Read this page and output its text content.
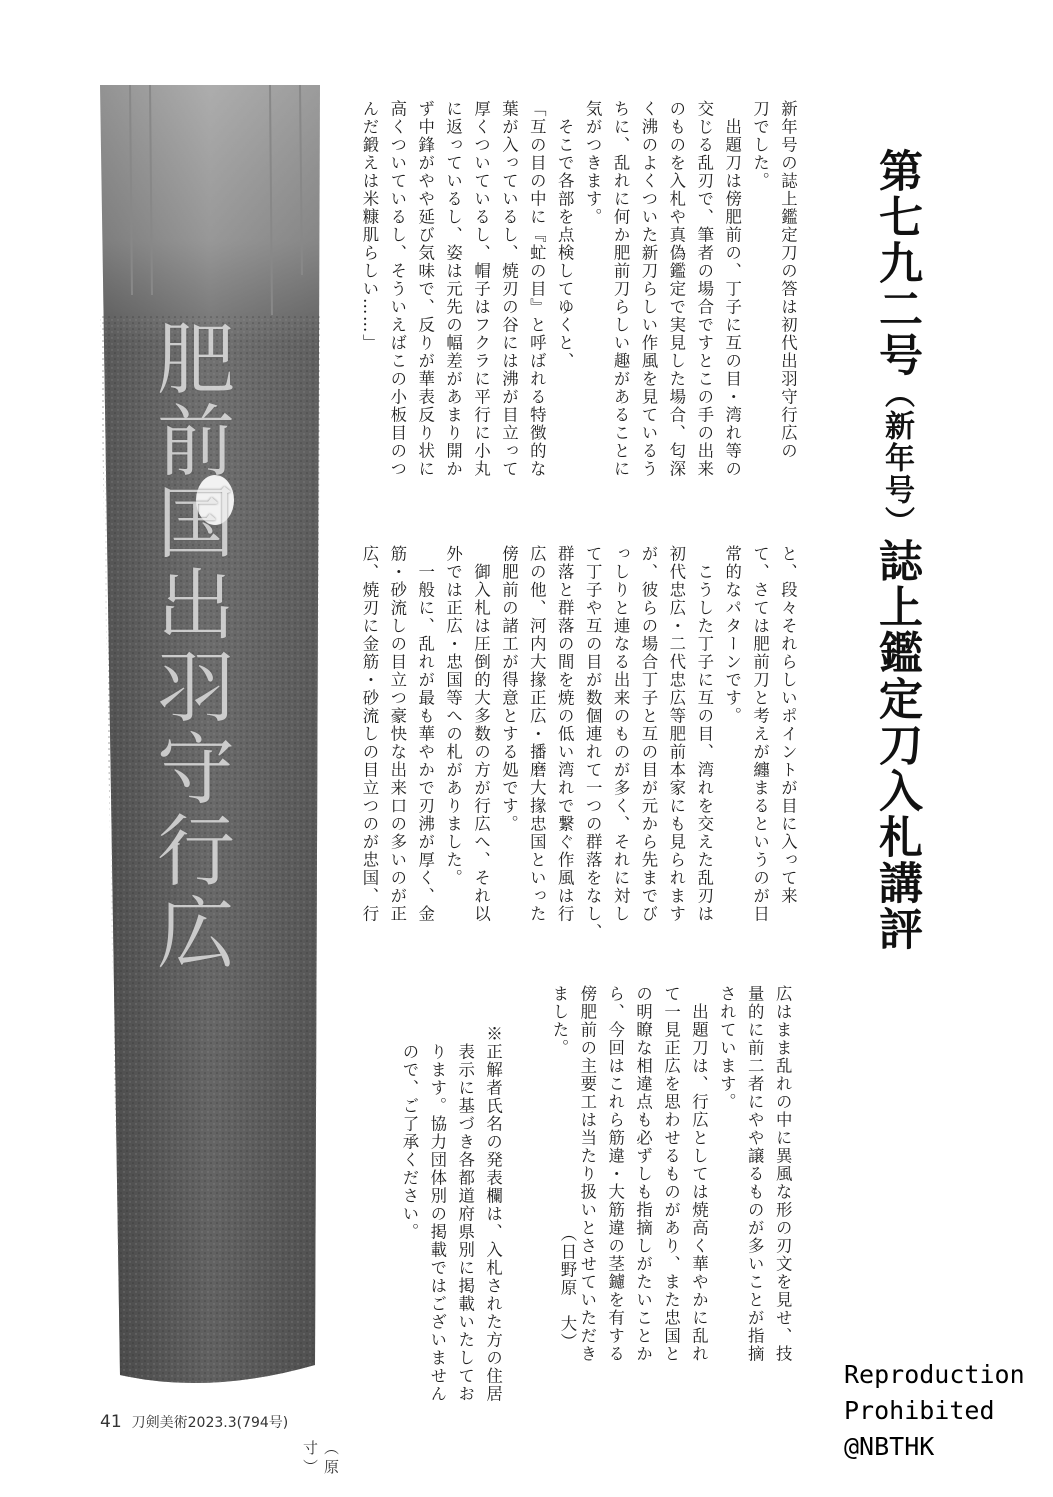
肥前国出羽守行広
第七九二号（新年号）誌上鑑定刀入札講評

新年号の誌上鑑定刀の答は初代出羽守行広の
刀でした。
　出題刀は傍肥前の、丁子に互の目・湾れ等の
交じる乱刃で、筆者の場合ですとこの手の出来
のものを入札や真偽鑑定で実見した場合、匂深
く沸のよくついた新刀らしい作風を見ているう
ちに、乱れに何か肥前刀らしい趣があることに
気がつきます。
　そこで各部を点検してゆくと、
「互の目の中に『虻の目』と呼ばれる特徴的な
葉が入っているし、焼刃の谷には沸が目立って
厚くついているし、帽子はフクラに平行に小丸
に返っているし、姿は元先の幅差があまり開か
ず中鋒がやや延び気味で、反りが華表反り状に
高くついているし、そういえばこの小板目のつ
んだ鍛えは米糠肌らしい……」

と、段々それらしいポイントが目に入って来
て、さては肥前刀と考えが纏まるというのが日
常的なパターンです。
　こうした丁子に互の目、湾れを交えた乱刃は
初代忠広・二代忠広等肥前本家にも見られます
が、彼らの場合丁子と互の目が元から先までび
っしりと連なる出来のものが多く、それに対し
て丁子や互の目が数個連れて一つの群落をなし、
群落と群落の間を焼の低い湾れで繋ぐ作風は行
広の他、河内大掾正広・播磨大掾忠国といった
傍肥前の諸工が得意とする処です。
　御入札は圧倒的大多数の方が行広へ、それ以
外では正広・忠国等への札がありました。
　一般に、乱れが最も華やかで刃沸が厚く、金
筋・砂流しの目立つ豪快な出来口の多いのが正
広、焼刃に金筋・砂流しの目立つのが忠国、行

広はまま乱れの中に異風な形の刃文を見せ、技
量的に前二者にやや譲るものが多いことが指摘
されています。
　出題刀は、行広としては焼高く華やかに乱れ
て一見正広を思わせるものがあり、また忠国と
の明瞭な相違点も必ずしも指摘しがたいことか
ら、今回はこれら筋違・大筋違の茎鑢を有する
傍肥前の主要工は当たり扱いとさせていただき
ました。

（日野原　大）

※正解者氏名の発表欄は、入札された方の住居
　表示に基づき各都道府県別に掲載いたしてお
　ります。協力団体別の掲載ではございません
　ので、ご了承ください。

（原　寸）
41 刀剣美術2023.3(794号)
Reproduction
Prohibited
@NBTHK
